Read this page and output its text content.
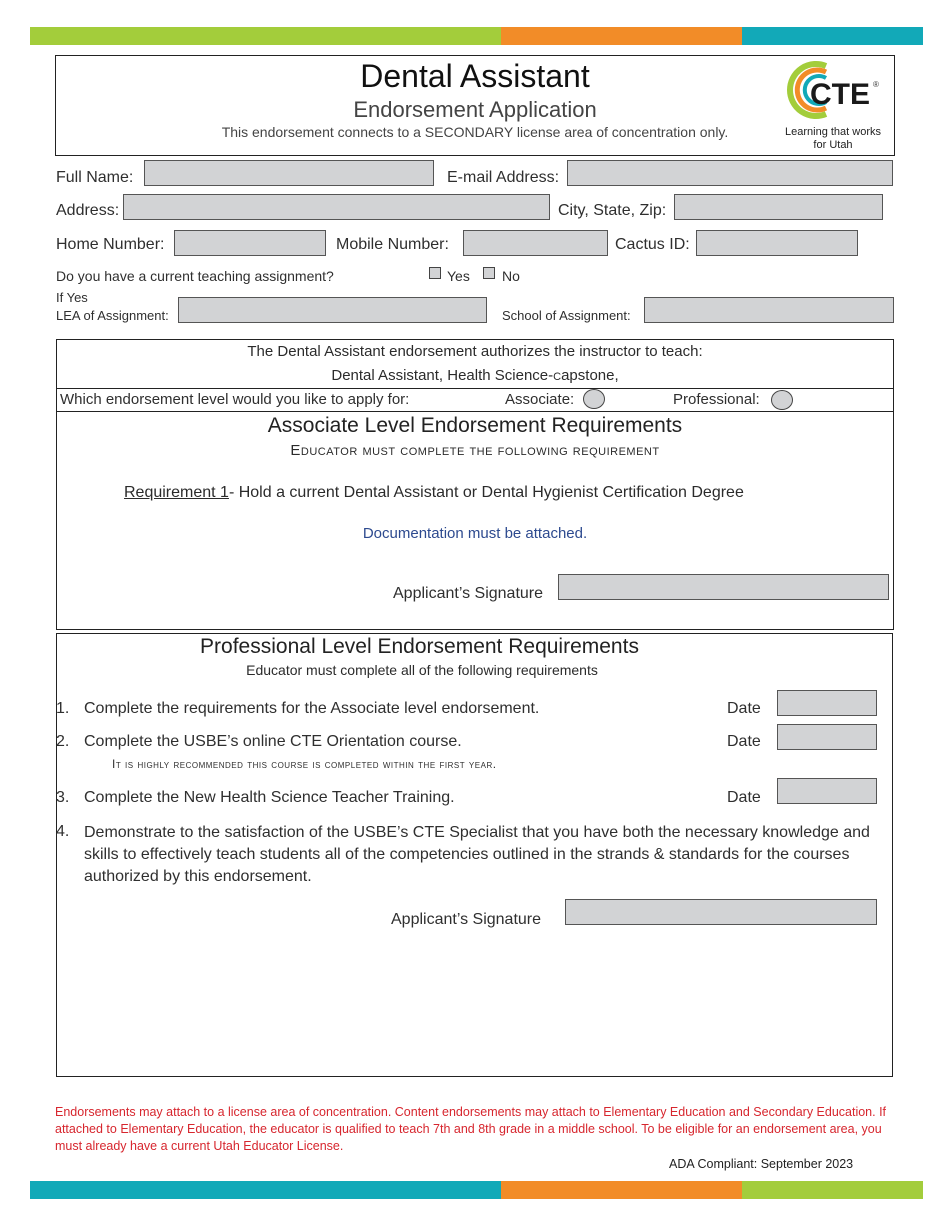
Dental Assistant
Endorsement Application
This endorsement connects to a SECONDARY license area of concentration only.
CTE ®
Learning that works
for Utah
Full Name:	E-mail Address:
Address:	City, State, Zip:
Home Number:	Mobile Number:	Cactus ID:
Do you have a current teaching assignment?	Yes No
If Yes
LEA of Assignment:	School of Assignment:
The Dental Assistant endorsement authorizes the instructor to teach:
Dental Assistant, Health Science-capstone,
Which endorsement level would you like to apply for:	Associate:	Professional:
Associate Level Endorsement Requirements
Educator must complete the following requirement
Requirement 1- Hold a current Dental Assistant or Dental Hygienist Certification Degree
Documentation must be attached.
Applicant’s Signature
Professional Level Endorsement Requirements
Educator must complete all of the following requirements
1. Complete the requirements for the Associate level endorsement.	Date
2. Complete the USBE’s online CTE Orientation course.	Date
It is highly recommended this course is completed within the first year.
3. Complete the New Health Science Teacher Training.	Date
4. Demonstrate to the satisfaction of the USBE’s CTE Specialist that you have both the necessary knowledge and skills to effectively teach students all of the competencies outlined in the strands & standards for the courses authorized by this endorsement.
Applicant’s Signature
Endorsements may attach to a license area of concentration. Content endorsements may attach to Elementary Education and Secondary Education. If attached to Elementary Education, the educator is qualified to teach 7th and 8th grade in a middle school. To be eligible for an endorsement area, you must already have a current Utah Educator License.
ADA Compliant: September 2023
